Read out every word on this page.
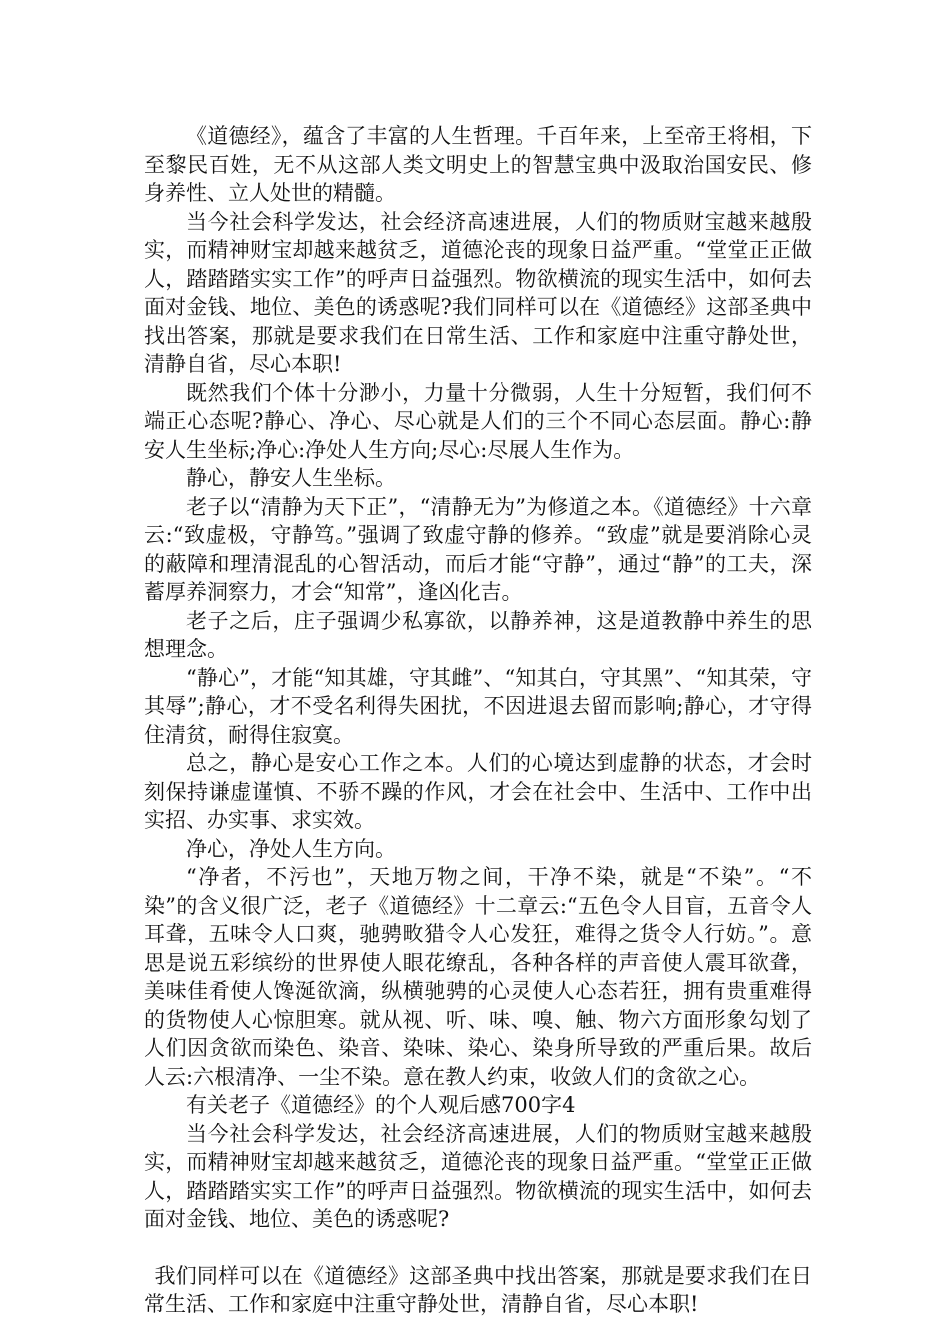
《道德经》，蕴含了丰富的人生哲理。千百年来，上至帝王将相，下至黎民百姓，无不从这部人类文明史上的智慧宝典中汲取治国安民、修身养性、立人处世的精髓。

当今社会科学发达，社会经济高速进展，人们的物质财宝越来越殷实，而精神财宝却越来越贫乏，道德沦丧的现象日益严重。“堂堂正正做人，踏踏踏实实工作”的呼声日益强烈。物欲横流的现实生活中，如何去面对金钱、地位、美色的诱惑呢?我们同样可以在《道德经》这部圣典中找出答案，那就是要求我们在日常生活、工作和家庭中注重守静处世，清静自省，尽心本职!

既然我们个体十分渺小，力量十分微弱，人生十分短暂，我们何不端正心态呢?静心、净心、尽心就是人们的三个不同心态层面。静心:静安人生坐标;净心:净处人生方向;尽心:尽展人生作为。

静心，静安人生坐标。

老子以“清静为天下正”，“清静无为”为修道之本。《道德经》十六章云:“致虚极，守静笃。”强调了致虚守静的修养。“致虚”就是要消除心灵的蔽障和理清混乱的心智活动，而后才能“守静”，通过“静”的工夫，深蓄厚养洞察力，才会“知常”，逢凶化吉。

老子之后，庄子强调少私寡欲，以静养神，这是道教静中养生的思想理念。

“静心”，才能“知其雄，守其雌”、“知其白，守其黑”、“知其荣，守其辱”;静心，才不受名利得失困扰，不因进退去留而影响;静心，才守得住清贫，耐得住寂寞。

总之，静心是安心工作之本。人们的心境达到虚静的状态，才会时刻保持谦虚谨慎、不骄不躁的作风，才会在社会中、生活中、工作中出实招、办实事、求实效。

净心，净处人生方向。

“净者，不污也”，天地万物之间，干净不染，就是“不染”。“不染”的含义很广泛，老子《道德经》十二章云:“五色令人目盲，五音令人耳聋，五味令人口爽，驰骋畋猎令人心发狂，难得之货令人行妨。”。意思是说五彩缤纷的世界使人眼花缭乱，各种各样的声音使人震耳欲聋，美味佳肴使人馋涎欲滴，纵横驰骋的心灵使人心态若狂，拥有贵重难得的货物使人心惊胆寒。就从视、听、味、嗅、触、物六方面形象勾划了人们因贪欲而染色、染音、染味、染心、染身所导致的严重后果。故后人云:六根清净、一尘不染。意在教人约束，收敛人们的贪欲之心。

有关老子《道德经》的个人观后感700字4

当今社会科学发达，社会经济高速进展，人们的物质财宝越来越殷实，而精神财宝却越来越贫乏，道德沦丧的现象日益严重。“堂堂正正做人，踏踏踏实实工作”的呼声日益强烈。物欲横流的现实生活中，如何去面对金钱、地位、美色的诱惑呢?

我们同样可以在《道德经》这部圣典中找出答案，那就是要求我们在日常生活、工作和家庭中注重守静处世，清静自省，尽心本职!
